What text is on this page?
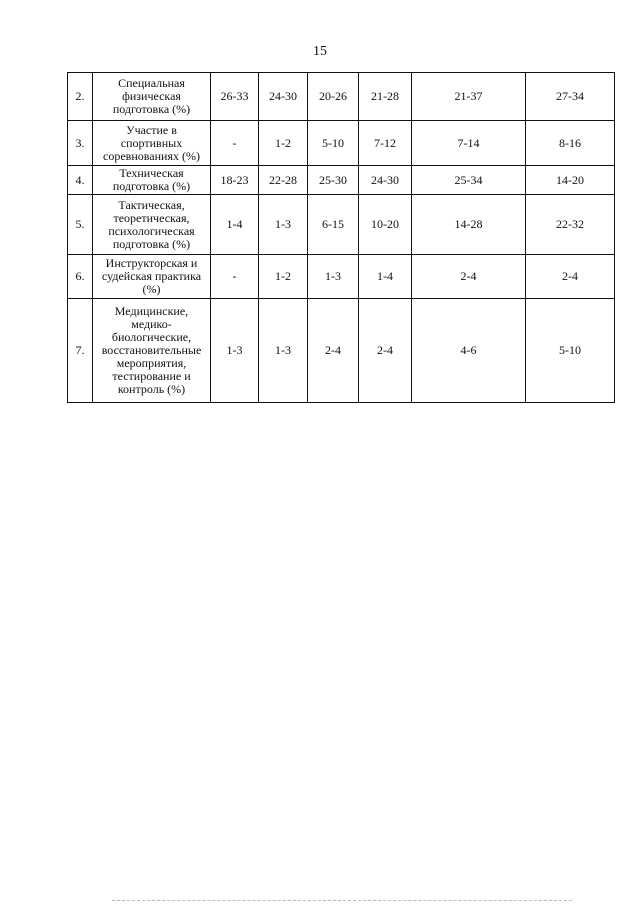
15
2.	Специальная физическая подготовка (%)	26-33	24-30	20-26	21-28	21-37	27-34
3.	Участие в спортивных соревнованиях (%)	-	1-2	5-10	7-12	7-14	8-16
4.	Техническая подготовка (%)	18-23	22-28	25-30	24-30	25-34	14-20
5.	Тактическая, теоретическая, психологическая подготовка (%)	1-4	1-3	6-15	10-20	14-28	22-32
6.	Инструкторская и судейская практика (%)	-	1-2	1-3	1-4	2-4	2-4
7.	Медицинские, медико-биологические, восстановительные мероприятия, тестирование и контроль (%)	1-3	1-3	2-4	2-4	4-6	5-10
